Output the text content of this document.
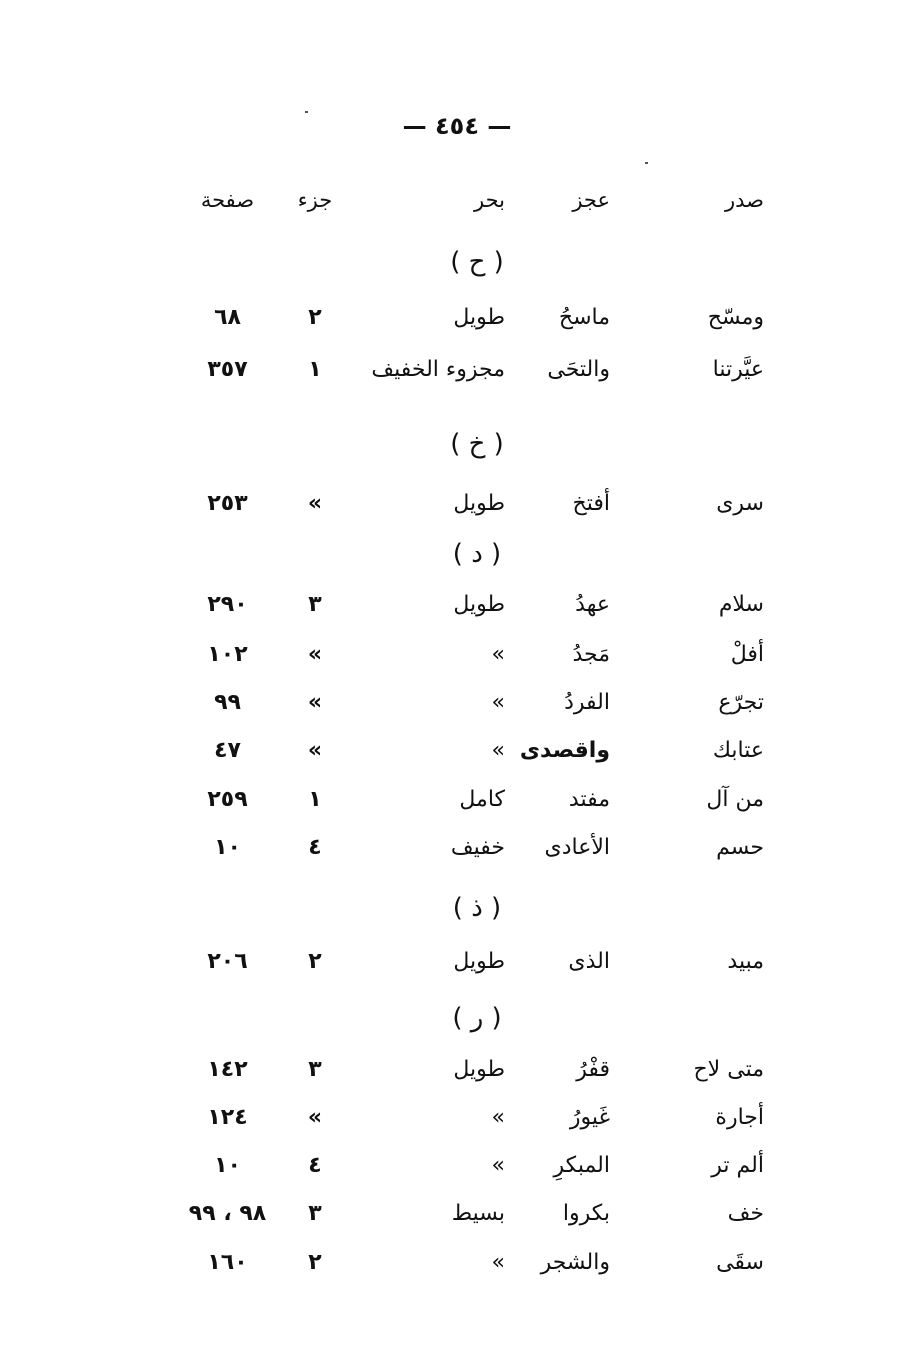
— ٤٥٤ —
صدر
عجز
بحر
جزء
صفحة
( ح )
ومسّح
ماسحُ
طويل
٢
٦٨
عيَّرتنا
والتحَى
مجزوء الخفيف
١
٣٥٧
( خ )
سرى
أفتخ
طويل
»
٢٥٣
( د )
سلام
عهدُ
طويل
٣
٢٩٠
أفلْ
مَجدُ
»
»
١٠٢
تجرّع
الفردُ
»
»
٩٩
عتابك
واقصدى
»
»
٤٧
من آل
مفتد
كامل
١
٢٥٩
حسم
الأعادى
خفيف
٤
١٠
( ذ )
مبيد
الذى
طويل
٢
٢٠٦
( ر )
متى لاح
قفْرُ
طويل
٣
١٤٢
أجارة
غَيورُ
»
»
١٢٤
ألم تر
المبكرِ
»
٤
١٠
خف
بكروا
بسيط
٣
٩٨ ، ٩٩
سقَى
والشجر
»
٢
١٦٠
